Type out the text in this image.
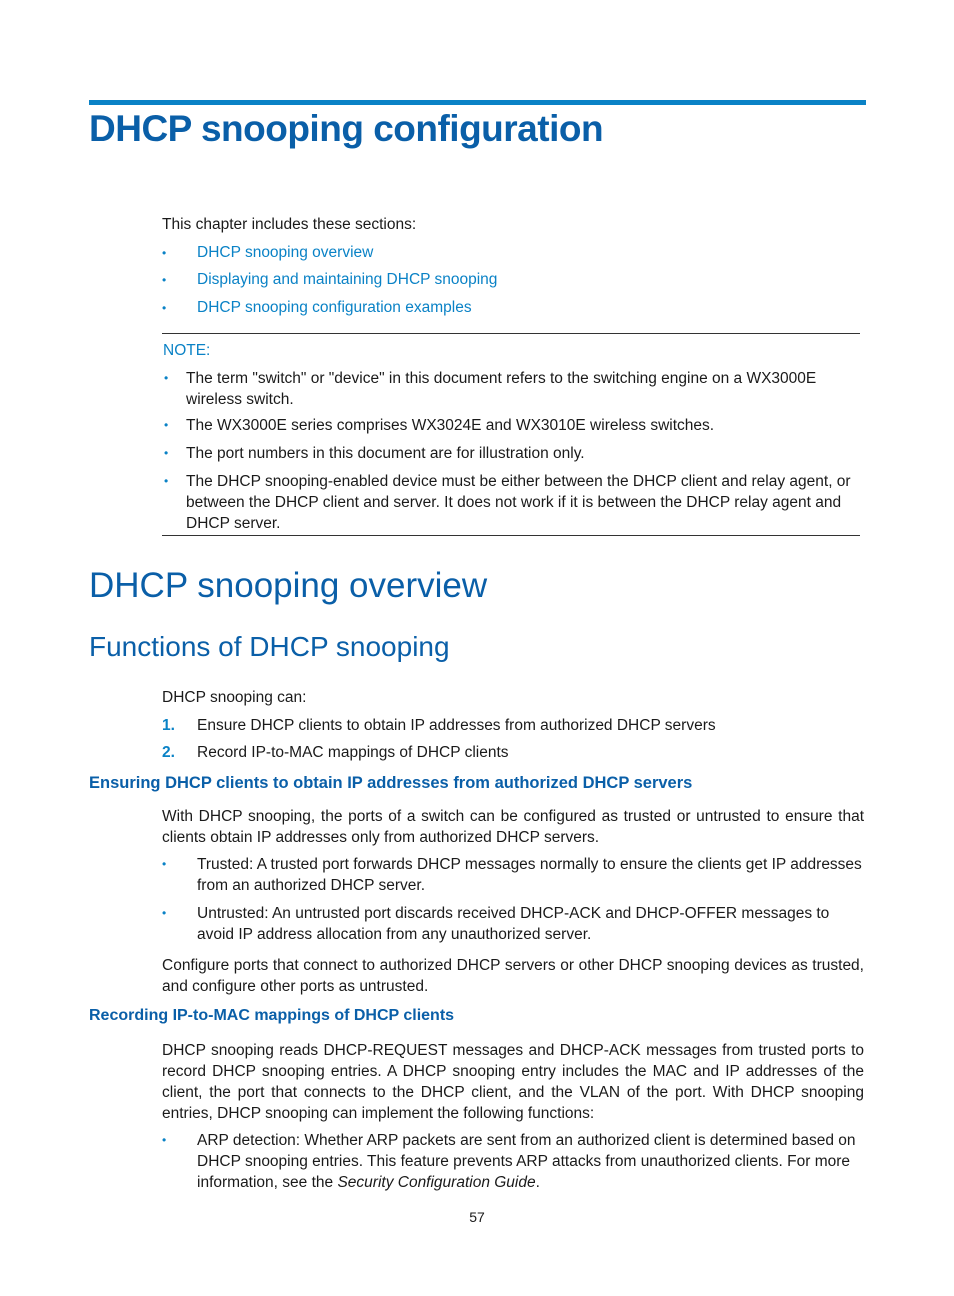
DHCP snooping configuration
This chapter includes these sections:
• DHCP snooping overview
• Displaying and maintaining DHCP snooping
• DHCP snooping configuration examples
NOTE:
• The term "switch" or "device" in this document refers to the switching engine on a WX3000E wireless switch.
• The WX3000E series comprises WX3024E and WX3010E wireless switches.
• The port numbers in this document are for illustration only.
• The DHCP snooping-enabled device must be either between the DHCP client and relay agent, or between the DHCP client and server. It does not work if it is between the DHCP relay agent and DHCP server.
DHCP snooping overview
Functions of DHCP snooping
DHCP snooping can:
1. Ensure DHCP clients to obtain IP addresses from authorized DHCP servers
2. Record IP-to-MAC mappings of DHCP clients
Ensuring DHCP clients to obtain IP addresses from authorized DHCP servers
With DHCP snooping, the ports of a switch can be configured as trusted or untrusted to ensure that clients obtain IP addresses only from authorized DHCP servers.
• Trusted: A trusted port forwards DHCP messages normally to ensure the clients get IP addresses from an authorized DHCP server.
• Untrusted: An untrusted port discards received DHCP-ACK and DHCP-OFFER messages to avoid IP address allocation from any unauthorized server.
Configure ports that connect to authorized DHCP servers or other DHCP snooping devices as trusted, and configure other ports as untrusted.
Recording IP-to-MAC mappings of DHCP clients
DHCP snooping reads DHCP-REQUEST messages and DHCP-ACK messages from trusted ports to record DHCP snooping entries. A DHCP snooping entry includes the MAC and IP addresses of the client, the port that connects to the DHCP client, and the VLAN of the port. With DHCP snooping entries, DHCP snooping can implement the following functions:
• ARP detection: Whether ARP packets are sent from an authorized client is determined based on DHCP snooping entries. This feature prevents ARP attacks from unauthorized clients. For more information, see the Security Configuration Guide.
57
